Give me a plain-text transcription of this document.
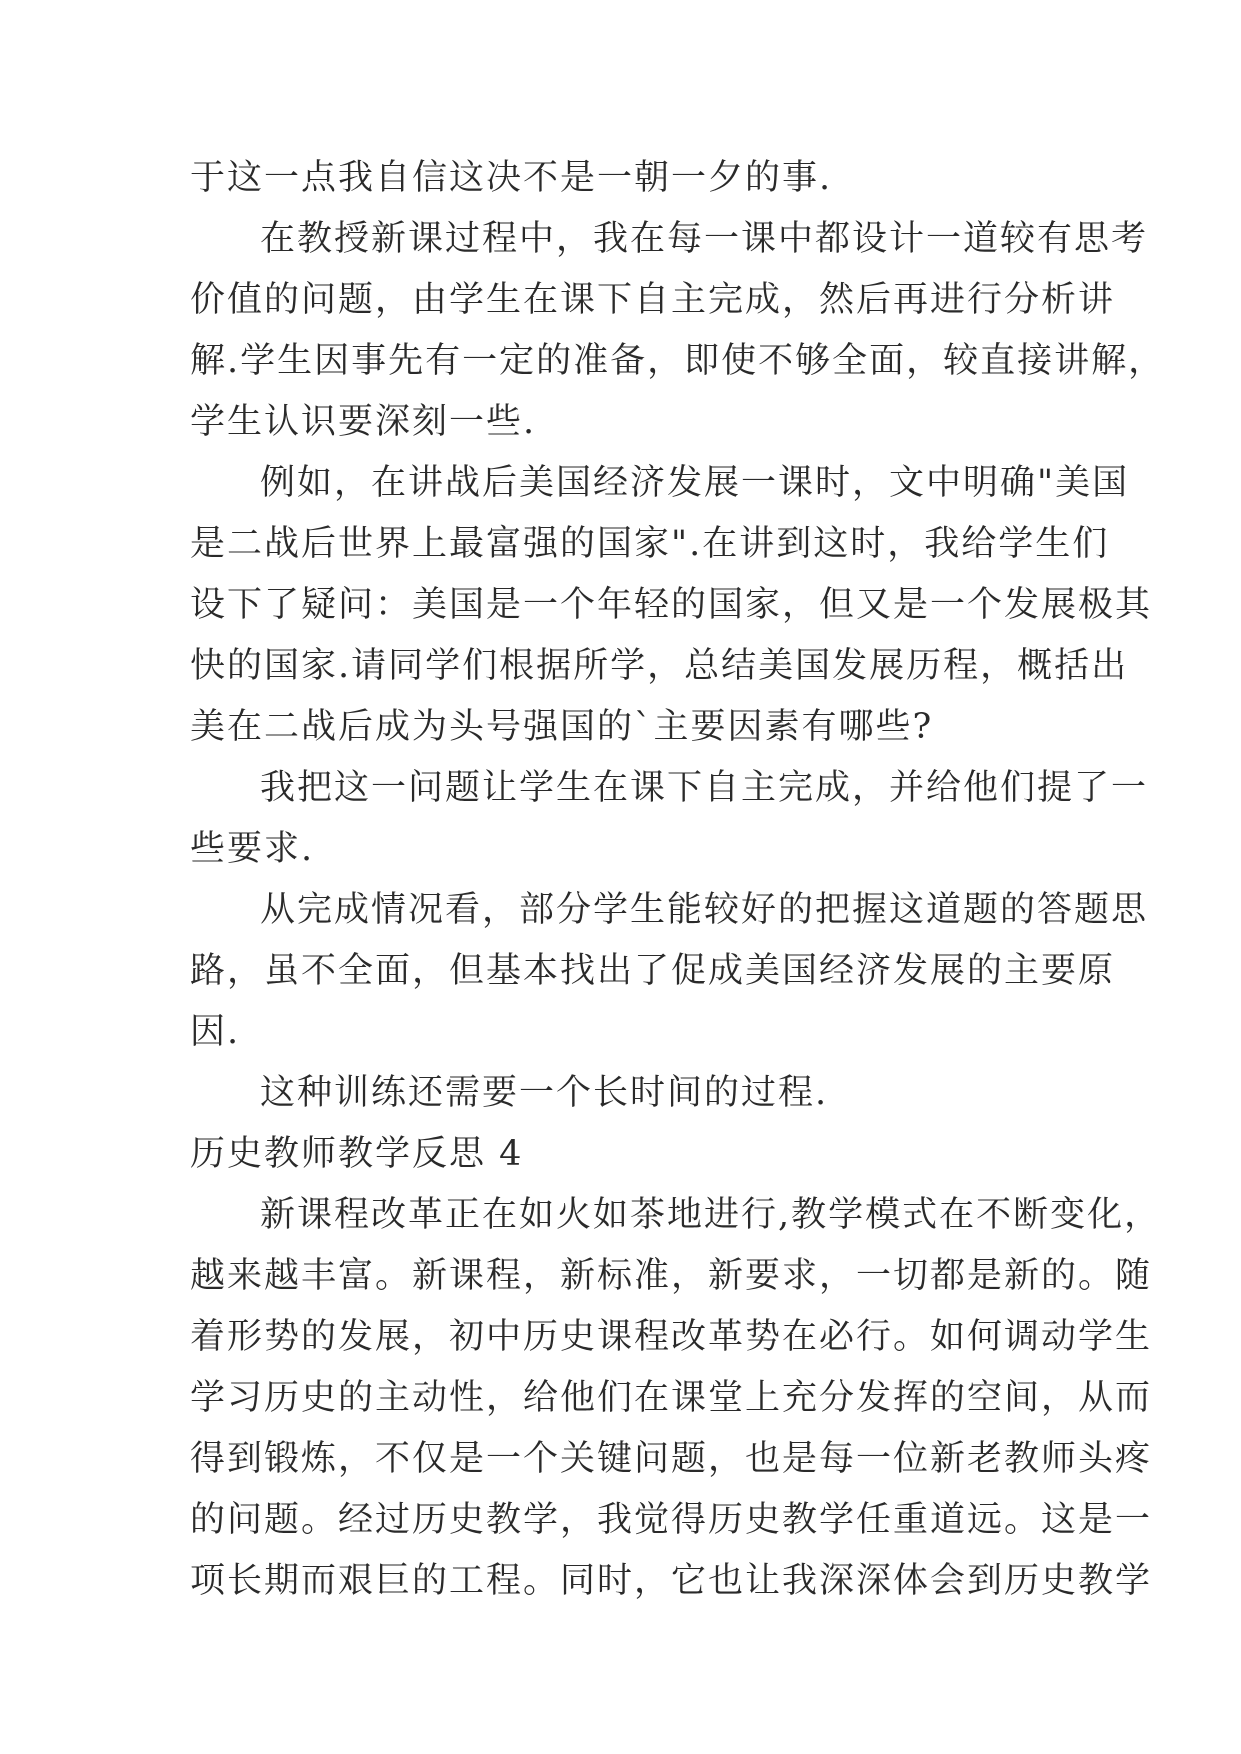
于这一点我自信这决不是一朝一夕的事.
在教授新课过程中，我在每一课中都设计一道较有思考
价值的问题，由学生在课下自主完成，然后再进行分析讲
解.学生因事先有一定的准备，即使不够全面，较直接讲解，
学生认识要深刻一些.
例如，在讲战后美国经济发展一课时，文中明确"美国
是二战后世界上最富强的国家".在讲到这时，我给学生们
设下了疑问：美国是一个年轻的国家，但又是一个发展极其
快的国家.请同学们根据所学，总结美国发展历程，概括出
美在二战后成为头号强国的`主要因素有哪些?
我把这一问题让学生在课下自主完成，并给他们提了一
些要求.
从完成情况看，部分学生能较好的把握这道题的答题思
路，虽不全面，但基本找出了促成美国经济发展的主要原
因.
这种训练还需要一个长时间的过程.
历史教师教学反思 4
新课程改革正在如火如茶地进行,教学模式在不断变化，
越来越丰富。新课程，新标准，新要求，一切都是新的。随
着形势的发展，初中历史课程改革势在必行。如何调动学生
学习历史的主动性，给他们在课堂上充分发挥的空间，从而
得到锻炼，不仅是一个关键问题，也是每一位新老教师头疼
的问题。经过历史教学，我觉得历史教学任重道远。这是一
项长期而艰巨的工程。同时，它也让我深深体会到历史教学
